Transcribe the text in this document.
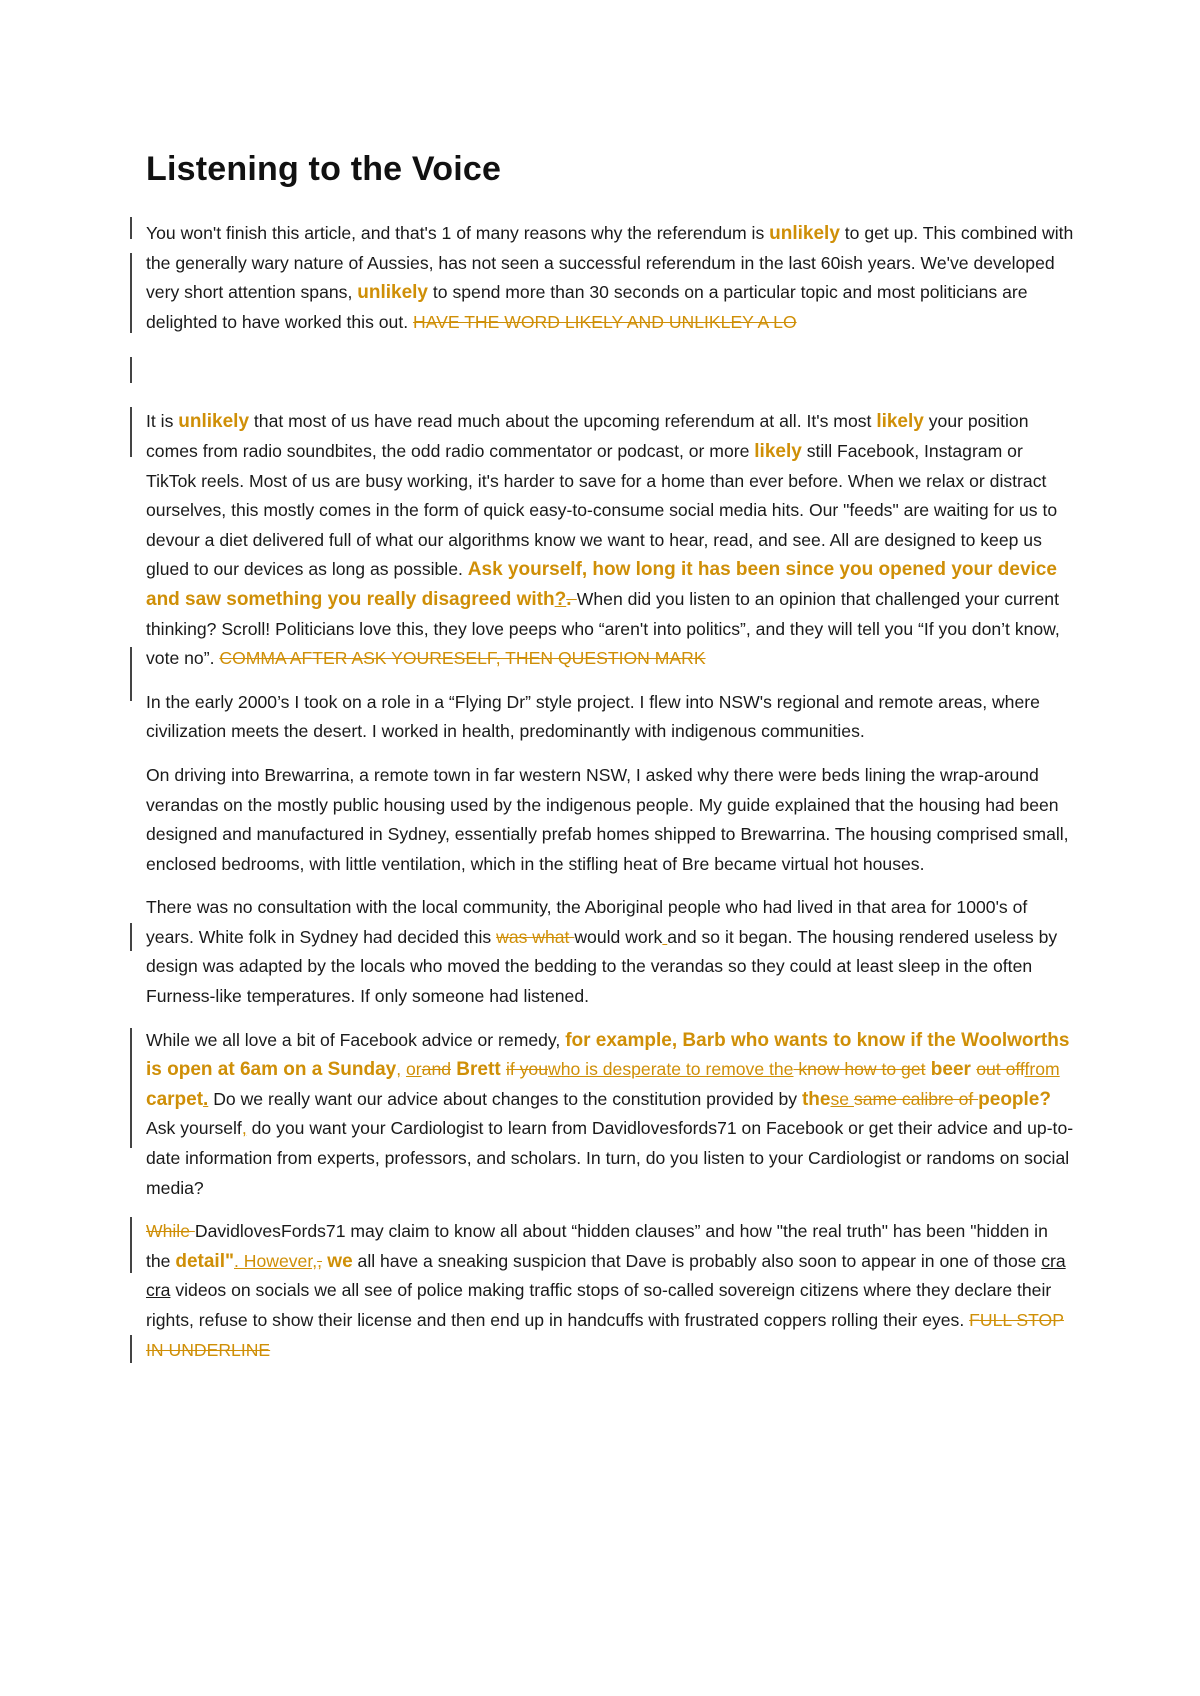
Listening to the Voice

You won't finish this article, and that's 1 of many reasons why the referendum is unlikely to get up. This combined with the generally wary nature of Aussies, has not seen a successful referendum in the last 60ish years. We've developed very short attention spans, unlikely to spend more than 30 seconds on a particular topic and most politicians are delighted to have worked this out. HAVE THE WORD LIKELY AND UNLIKLEY A LO

It is unlikely that most of us have read much about the upcoming referendum at all. It's most likely your position comes from radio soundbites, the odd radio commentator or podcast, or more likely still Facebook, Instagram or TikTok reels. Most of us are busy working, it's harder to save for a home than ever before. When we relax or distract ourselves, this mostly comes in the form of quick easy-to-consume social media hits. Our "feeds" are waiting for us to devour a diet delivered full of what our algorithms know we want to hear, read, and see. All are designed to keep us glued to our devices as long as possible. Ask yourself, how long it has been since you opened your device and saw something you really disagreed with?. When did you listen to an opinion that challenged your current thinking? Scroll! Politicians love this, they love peeps who “aren't into politics”, and they will tell you “If you don’t know, vote no”. COMMA AFTER ASK YOURESELF, THEN QUESTION MARK

In the early 2000’s I took on a role in a “Flying Dr” style project. I flew into NSW's regional and remote areas, where civilization meets the desert. I worked in health, predominantly with indigenous communities.

On driving into Brewarrina, a remote town in far western NSW, I asked why there were beds lining the wrap-around verandas on the mostly public housing used by the indigenous people. My guide explained that the housing had been designed and manufactured in Sydney, essentially prefab homes shipped to Brewarrina. The housing comprised small, enclosed bedrooms, with little ventilation, which in the stifling heat of Bre became virtual hot houses.

There was no consultation with the local community, the Aboriginal people who had lived in that area for 1000's of years. White folk in Sydney had decided this was what would work and so it began. The housing rendered useless by design was adapted by the locals who moved the bedding to the verandas so they could at least sleep in the often Furness-like temperatures. If only someone had listened.

While we all love a bit of Facebook advice or remedy, for example, Barb who wants to know if the Woolworths is open at 6am on a Sunday, orand Brett if youwho is desperate to remove the know how to get beer out offfrom carpet. Do we really want our advice about changes to the constitution provided by these same calibre of people? Ask yourself, do you want your Cardiologist to learn from Davidlovesfords71 on Facebook or get their advice and up-to-date information from experts, professors, and scholars. In turn, do you listen to your Cardiologist or randoms on social media?

While DavidlovesFords71 may claim to know all about “hidden clauses” and how "the real truth" has been "hidden in the detail". However,, we all have a sneaking suspicion that Dave is probably also soon to appear in one of those cra cra videos on socials we all see of police making traffic stops of so-called sovereign citizens where they declare their rights, refuse to show their license and then end up in handcuffs with frustrated coppers rolling their eyes. FULL STOP IN UNDERLINE
